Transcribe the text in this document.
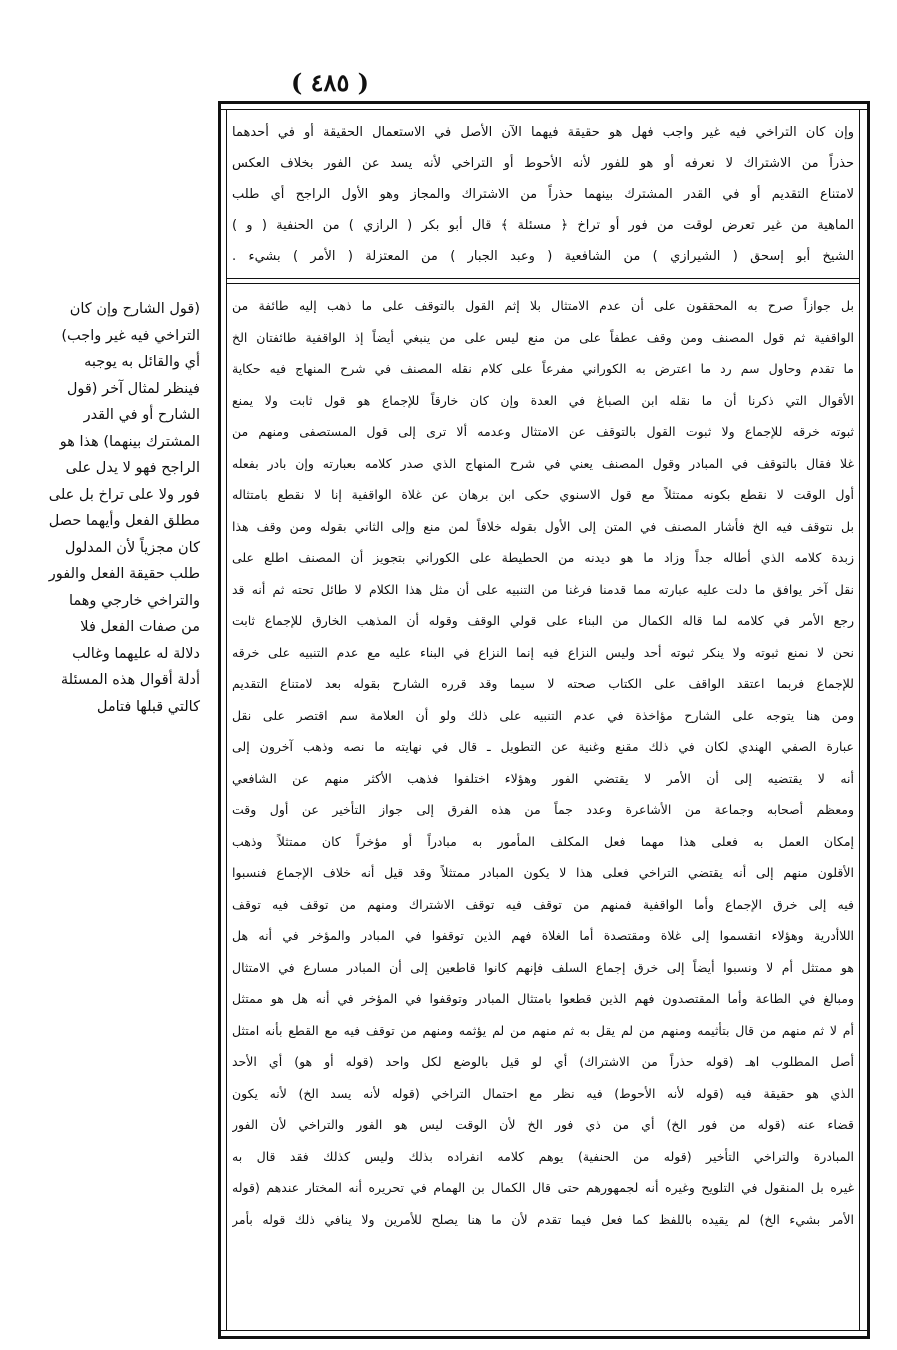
( ٤٨٥ )
وإن كان التراخي فيه غير واجب فهل هو حقيقة فيهما الآن الأصل في الاستعمال الحقيقة أو في أحدهما
حذراً من الاشتراك لا نعرفه أو هو للفور لأنه الأحوط أو التراخي لأنه يسد عن الفور بخلاف العكس
لامتناع التقديم أو في القدر المشترك بينهما حذراً من الاشتراك والمجاز وهو الأول الراجح أي طلب
الماهية من غير تعرض لوقت من فور أو تراخ ﴿ مسئلة ﴾ قال أبو بكر ( الرازي ) من الحنفية ( و )
الشيخ أبو إسحق ( الشيرازي ) من الشافعية ( وعبد الجبار ) من المعتزلة ( الأمر ) بشيء .
بل جوازاً صرح به المحققون على أن عدم الامتثال بلا إثم القول بالتوقف على ما ذهب إليه طائفة من
الواقفية ثم قول المصنف ومن وقف عطفاً على من منع ليس على من ينبغي أيضاً إذ الواقفية طائفتان الخ
ما تقدم وحاول سم رد ما اعترض به الكوراني مفرعاً على كلام نقله المصنف في شرح المنهاج فيه حكاية
الأقوال التي ذكرنا أن ما نقله ابن الصباغ في العدة وإن كان خارقاً للإجماع هو قول ثابت ولا يمنع
ثبوته خرقه للإجماع ولا ثبوت القول بالتوقف عن الامتثال وعدمه ألا ترى إلى قول المستصفى ومنهم من
غلا فقال بالتوقف في المبادر وقول المصنف يعني في شرح المنهاج الذي صدر كلامه بعبارته وإن بادر بفعله
أول الوقت لا نقطع بكونه ممتثلاً مع قول الاسنوي حكى ابن برهان عن غلاة الواقفية إنا لا نقطع بامتثاله
بل نتوقف فيه الخ فأشار المصنف في المتن إلى الأول بقوله خلافاً لمن منع وإلى الثاني بقوله ومن وقف هذا
زبدة كلامه الذي أطاله جداً وزاد ما هو ديدنه من الحطيطة على الكوراني بتجويز أن المصنف اطلع على
نقل آخر يوافق ما دلت عليه عبارته مما قدمنا فرغنا من التنبيه على أن مثل هذا الكلام لا طائل تحته ثم أنه قد
رجع الأمر في كلامه لما قاله الكمال من البناء على قولي الوقف وقوله أن المذهب الخارق للإجماع ثابت
نحن لا نمنع ثبوته ولا ينكر ثبوته أحد وليس النزاع فيه إنما النزاع في البناء عليه مع عدم التنبيه على خرقه
للإجماع فربما اعتقد الواقف على الكتاب صحته لا سيما وقد قرره الشارح بقوله بعد لامتناع التقديم
ومن هنا يتوجه على الشارح مؤاخذة في عدم التنبيه على ذلك ولو أن العلامة سم اقتصر على نقل
عبارة الصفي الهندي لكان في ذلك مقنع وغنية عن التطويل ـ قال في نهايته ما نصه وذهب آخرون إلى
أنه لا يقتضيه إلى أن الأمر لا يقتضي الفور وهؤلاء اختلفوا فذهب الأكثر منهم عن الشافعي
ومعظم أصحابه وجماعة من الأشاعرة وعدد جماً من هذه الفرق إلى جواز التأخير عن أول وقت
إمكان العمل به فعلى هذا مهما فعل المكلف المأمور به مبادراً أو مؤخراً كان ممتثلاً وذهب
الأقلون منهم إلى أنه يقتضي التراخي فعلى هذا لا يكون المبادر ممتثلاً وقد قيل أنه خلاف الإجماع فنسبوا
فيه إلى خرق الإجماع وأما الواقفية فمنهم من توقف فيه توقف الاشتراك ومنهم من توقف فيه توقف
اللاأدرية وهؤلاء انقسموا إلى غلاة ومقتصدة أما الغلاة فهم الذين توقفوا في المبادر والمؤخر في أنه هل
هو ممتثل أم لا ونسبوا أيضاً إلى خرق إجماع السلف فإنهم كانوا قاطعين إلى أن المبادر مسارع في الامتثال
ومبالغ في الطاعة وأما المقتصدون فهم الذين قطعوا بامتثال المبادر وتوقفوا في المؤخر في أنه هل هو ممتثل
أم لا ثم منهم من قال بتأثيمه ومنهم من لم يقل به ثم منهم من لم يؤثمه ومنهم من توقف فيه مع القطع بأنه امتثل
أصل المطلوب اهـ (قوله حذراً من الاشتراك) أي لو قيل بالوضع لكل واحد (قوله أو هو) أي الأحد
الذي هو حقيقة فيه (قوله لأنه الأحوط) فيه نظر مع احتمال التراخي (قوله لأنه يسد الخ) لأنه يكون
قضاء عنه (قوله من فور الخ) أي من ذي فور الخ لأن الوقت ليس هو الفور والتراخي لأن الفور
المبادرة والتراخي التأخير (قوله من الحنفية) يوهم كلامه انفراده بذلك وليس كذلك فقد قال به
غيره بل المنقول في التلويح وغيره أنه لجمهورهم حتى قال الكمال بن الهمام في تحريره أنه المختار عندهم (قوله
الأمر بشيء الخ) لم يقيده باللفظ كما فعل فيما تقدم لأن ما هنا يصلح للأمرين ولا ينافي ذلك قوله بأمر
(قول الشارح وإن كان
التراخي فيه غير واجب)
أي والقائل به يوجبه
فينظر لمثال آخر (قول
الشارح أو في القدر
المشترك بينهما) هذا هو
الراجح فهو لا يدل على
فور ولا على تراخ بل على
مطلق الفعل وأيهما حصل
كان مجزياً لأن المدلول
طلب حقيقة الفعل والفور
والتراخي خارجي وهما
من صفات الفعل فلا
دلالة له عليهما وغالب
أدلة أقوال هذه المسئلة
كالتي قبلها فتامل
